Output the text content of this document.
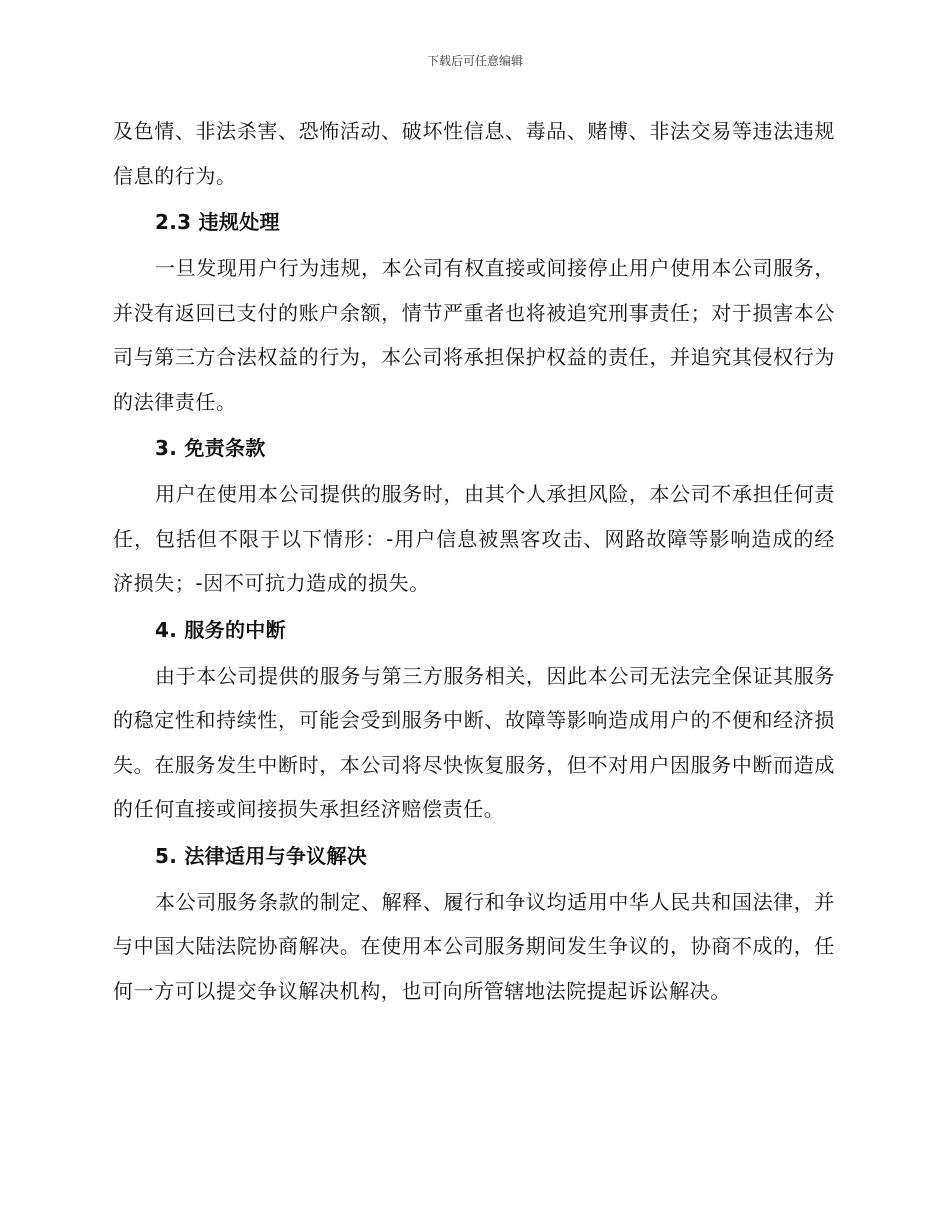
下载后可任意编辑

及色情、非法杀害、恐怖活动、破坏性信息、毒品、赌博、非法交易等违法违规信息的行为。

2.3 违规处理

一旦发现用户行为违规，本公司有权直接或间接停止用户使用本公司服务，并没有返回已支付的账户余额，情节严重者也将被追究刑事责任；对于损害本公司与第三方合法权益的行为，本公司将承担保护权益的责任，并追究其侵权行为的法律责任。

3. 免责条款

用户在使用本公司提供的服务时，由其个人承担风险，本公司不承担任何责任，包括但不限于以下情形：-用户信息被黑客攻击、网路故障等影响造成的经济损失；-因不可抗力造成的损失。

4. 服务的中断

由于本公司提供的服务与第三方服务相关，因此本公司无法完全保证其服务的稳定性和持续性，可能会受到服务中断、故障等影响造成用户的不便和经济损失。在服务发生中断时，本公司将尽快恢复服务，但不对用户因服务中断而造成的任何直接或间接损失承担经济赔偿责任。

5. 法律适用与争议解决

本公司服务条款的制定、解释、履行和争议均适用中华人民共和国法律，并与中国大陆法院协商解决。在使用本公司服务期间发生争议的，协商不成的，任何一方可以提交争议解决机构，也可向所管辖地法院提起诉讼解决。
